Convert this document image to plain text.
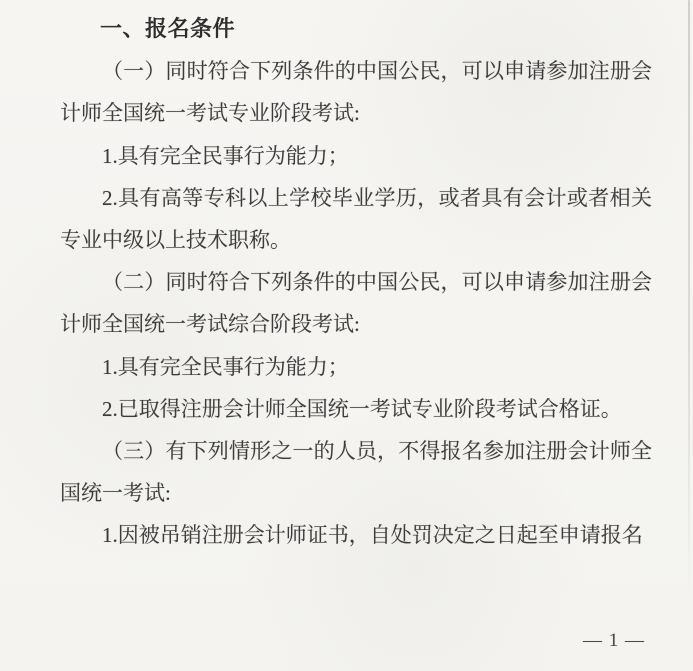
一、报名条件

（一）同时符合下列条件的中国公民，可以申请参加注册会计师全国统一考试专业阶段考试:

1.具有完全民事行为能力；

2.具有高等专科以上学校毕业学历，或者具有会计或者相关专业中级以上技术职称。

（二）同时符合下列条件的中国公民，可以申请参加注册会计师全国统一考试综合阶段考试:

1.具有完全民事行为能力；

2.已取得注册会计师全国统一考试专业阶段考试合格证。

（三）有下列情形之一的人员，不得报名参加注册会计师全国统一考试:

1.因被吊销注册会计师证书，自处罚决定之日起至申请报名

— 1 —
